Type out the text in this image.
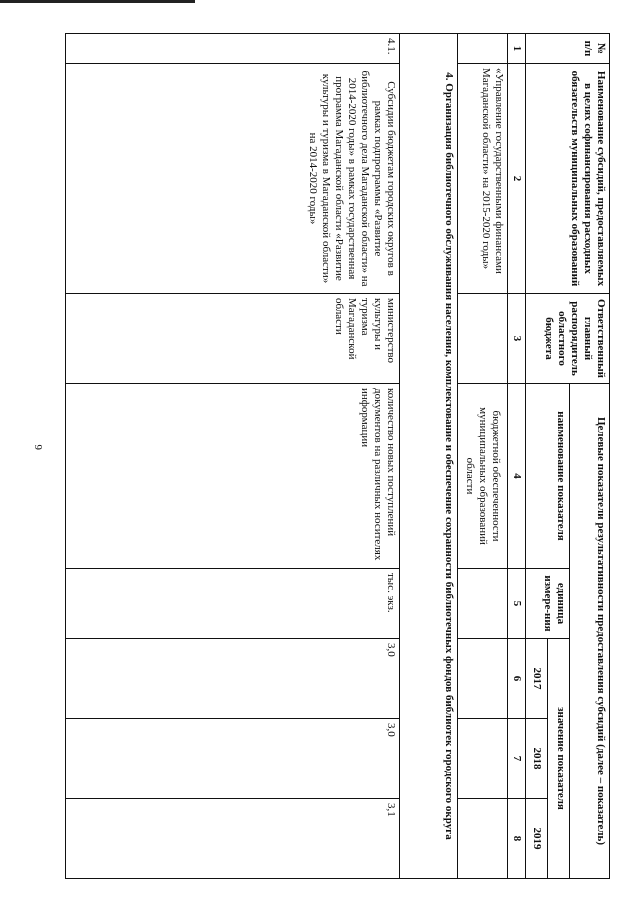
6
№ п/п	Наименование субсидий, предоставляемых в целях софинансирования расходных обязательств муниципальных образований	Ответственный главный распорядитель областного бюджета	Целевые показатели результативности предоставления субсидий (далее – показатель)				
			наименование показателя	единица измере-ния	значение показателя		
					2017	2018	2019
1	2	3	4	5	6	7	8
	«Управление государственными финансами Магаданской области» на 2015-2020 годы»		бюджетной обеспеченности муниципальных образований области				
4. Организация библиотечного обслуживания населения, комплектование и обеспечение сохранности библиотечных фондов библиотек городского округа							
4.1.	Субсидии бюджетам городских округов в рамках подпрограммы «Развитие библиотечного дела Магаданской области» на 2014-2020 годы» в рамках государственная программа Магаданской области «Развитие культуры и туризма в Магаданской области» на 2014-2020 годы»	министерство культуры и туризма Магаданской области	количество новых поступлений документов на различных носителях информации	тыс. экз.	3,0	3,0	3,1
